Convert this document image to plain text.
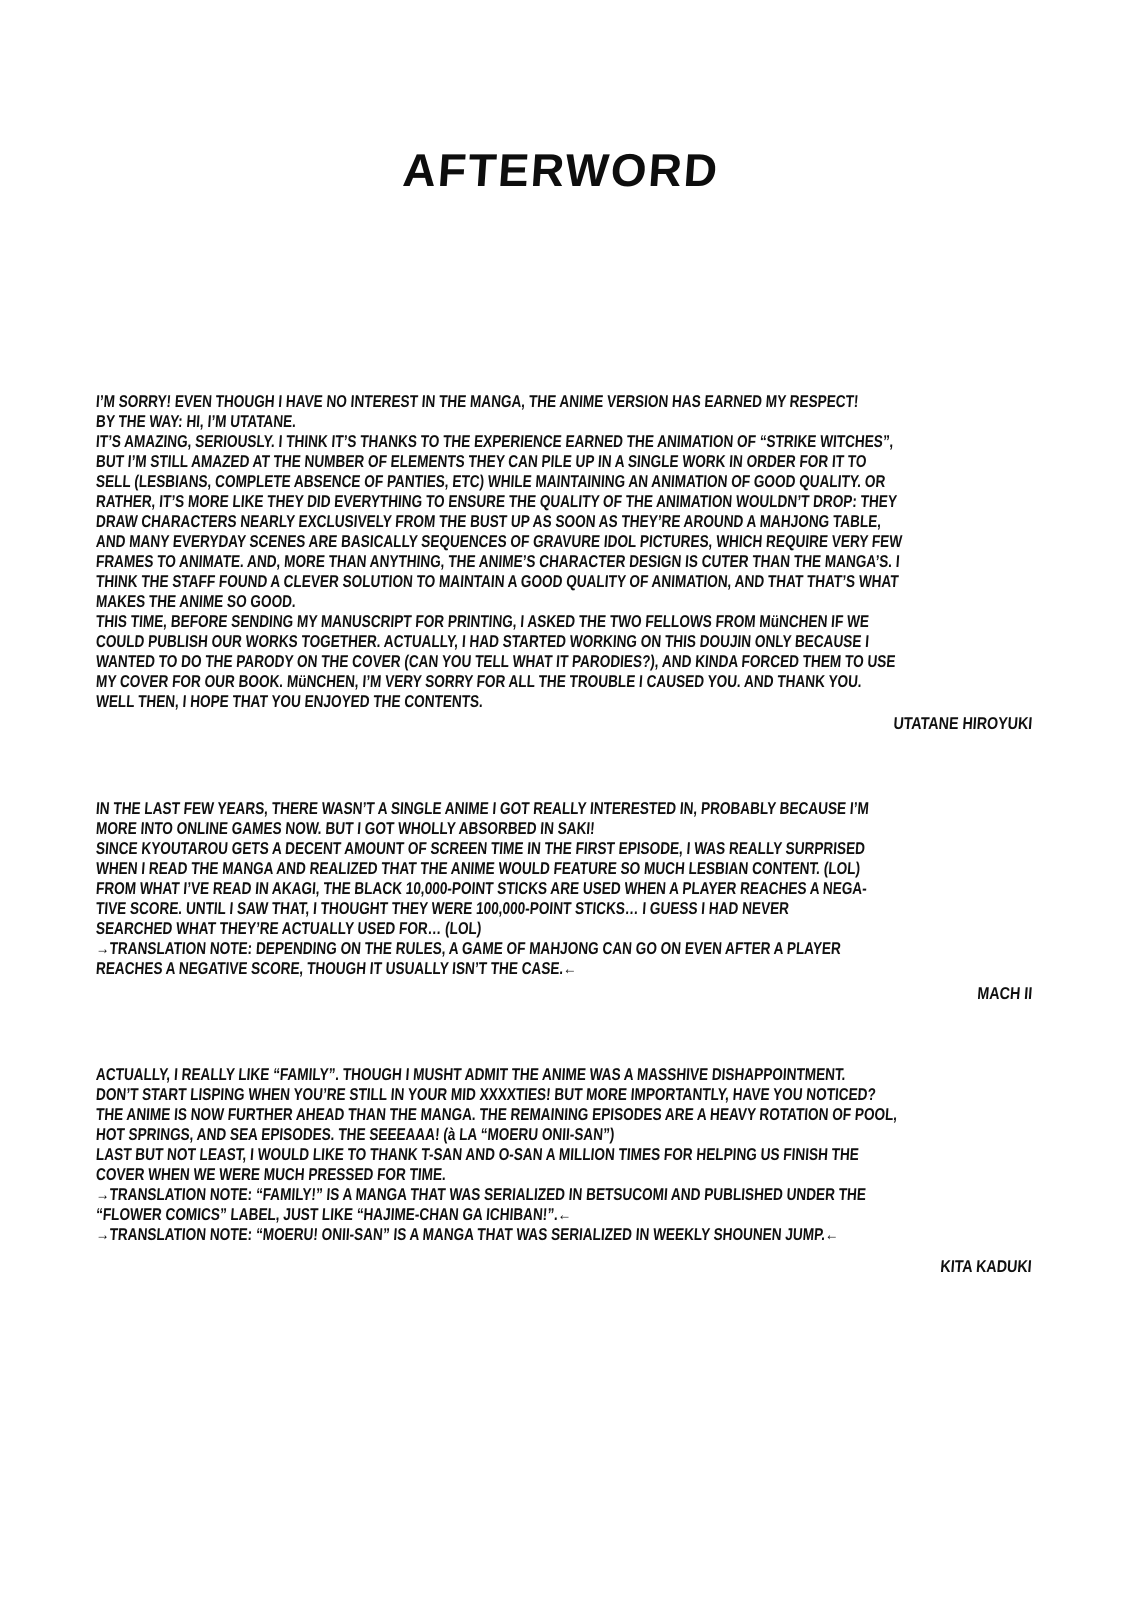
AFTERWORD
I’M SORRY! EVEN THOUGH I HAVE NO INTEREST IN THE MANGA, THE ANIME VERSION HAS EARNED MY RESPECT!
BY THE WAY: HI, I’M UTATANE.
IT’S AMAZING, SERIOUSLY. I THINK IT’S THANKS TO THE EXPERIENCE EARNED THE ANIMATION OF “STRIKE WITCHES”,
BUT I’M STILL AMAZED AT THE NUMBER OF ELEMENTS THEY CAN PILE UP IN A SINGLE WORK IN ORDER FOR IT TO
SELL (LESBIANS, COMPLETE ABSENCE OF PANTIES, ETC) WHILE MAINTAINING AN ANIMATION OF GOOD QUALITY. OR
RATHER, IT’S MORE LIKE THEY DID EVERYTHING TO ENSURE THE QUALITY OF THE ANIMATION WOULDN’T DROP: THEY
DRAW CHARACTERS NEARLY EXCLUSIVELY FROM THE BUST UP AS SOON AS THEY’RE AROUND A MAHJONG TABLE,
AND MANY EVERYDAY SCENES ARE BASICALLY SEQUENCES OF GRAVURE IDOL PICTURES, WHICH REQUIRE VERY FEW
FRAMES TO ANIMATE. AND, MORE THAN ANYTHING, THE ANIME’S CHARACTER DESIGN IS CUTER THAN THE MANGA’S. I
THINK THE STAFF FOUND A CLEVER SOLUTION TO MAINTAIN A GOOD QUALITY OF ANIMATION, AND THAT THAT’S WHAT
MAKES THE ANIME SO GOOD.
THIS TIME, BEFORE SENDING MY MANUSCRIPT FOR PRINTING, I ASKED THE TWO FELLOWS FROM MüNCHEN IF WE
COULD PUBLISH OUR WORKS TOGETHER. ACTUALLY, I HAD STARTED WORKING ON THIS DOUJIN ONLY BECAUSE I
WANTED TO DO THE PARODY ON THE COVER (CAN YOU TELL WHAT IT PARODIES?), AND KINDA FORCED THEM TO USE
MY COVER FOR OUR BOOK. MüNCHEN, I’M VERY SORRY FOR ALL THE TROUBLE I CAUSED YOU. AND THANK YOU.
WELL THEN, I HOPE THAT YOU ENJOYED THE CONTENTS.
UTATANE HIROYUKI
IN THE LAST FEW YEARS, THERE WASN’T A SINGLE ANIME I GOT REALLY INTERESTED IN, PROBABLY BECAUSE I’M
MORE INTO ONLINE GAMES NOW. BUT I GOT WHOLLY ABSORBED IN SAKI!
SINCE KYOUTAROU GETS A DECENT AMOUNT OF SCREEN TIME IN THE FIRST EPISODE, I WAS REALLY SURPRISED
WHEN I READ THE MANGA AND REALIZED THAT THE ANIME WOULD FEATURE SO MUCH LESBIAN CONTENT. (LOL)
FROM WHAT I’VE READ IN AKAGI, THE BLACK 10,000-POINT STICKS ARE USED WHEN A PLAYER REACHES A NEGA-
TIVE SCORE. UNTIL I SAW THAT, I THOUGHT THEY WERE 100,000-POINT STICKS… I GUESS I HAD NEVER
SEARCHED WHAT THEY’RE ACTUALLY USED FOR… (LOL)
→TRANSLATION NOTE: DEPENDING ON THE RULES, A GAME OF MAHJONG CAN GO ON EVEN AFTER A PLAYER
REACHES A NEGATIVE SCORE, THOUGH IT USUALLY ISN’T THE CASE.←
MACH II
ACTUALLY, I REALLY LIKE “FAMILY”. THOUGH I MUSHT ADMIT THE ANIME WAS A MASSHIVE DISHAPPOINTMENT.
DON’T START LISPING WHEN YOU’RE STILL IN YOUR MID XXXXTIES! BUT MORE IMPORTANTLY, HAVE YOU NOTICED?
THE ANIME IS NOW FURTHER AHEAD THAN THE MANGA. THE REMAINING EPISODES ARE A HEAVY ROTATION OF POOL,
HOT SPRINGS, AND SEA EPISODES. THE SEEEAAA! (à LA “MOERU ONII-SAN”)
LAST BUT NOT LEAST, I WOULD LIKE TO THANK T-SAN AND O-SAN A MILLION TIMES FOR HELPING US FINISH THE
COVER WHEN WE WERE MUCH PRESSED FOR TIME.
→TRANSLATION NOTE: “FAMILY!” IS A MANGA THAT WAS SERIALIZED IN BETSUCOMI AND PUBLISHED UNDER THE
“FLOWER COMICS” LABEL, JUST LIKE “HAJIME-CHAN GA ICHIBAN!”.←
→TRANSLATION NOTE: “MOERU! ONII-SAN” IS A MANGA THAT WAS SERIALIZED IN WEEKLY SHOUNEN JUMP.←
KITA KADUKI
